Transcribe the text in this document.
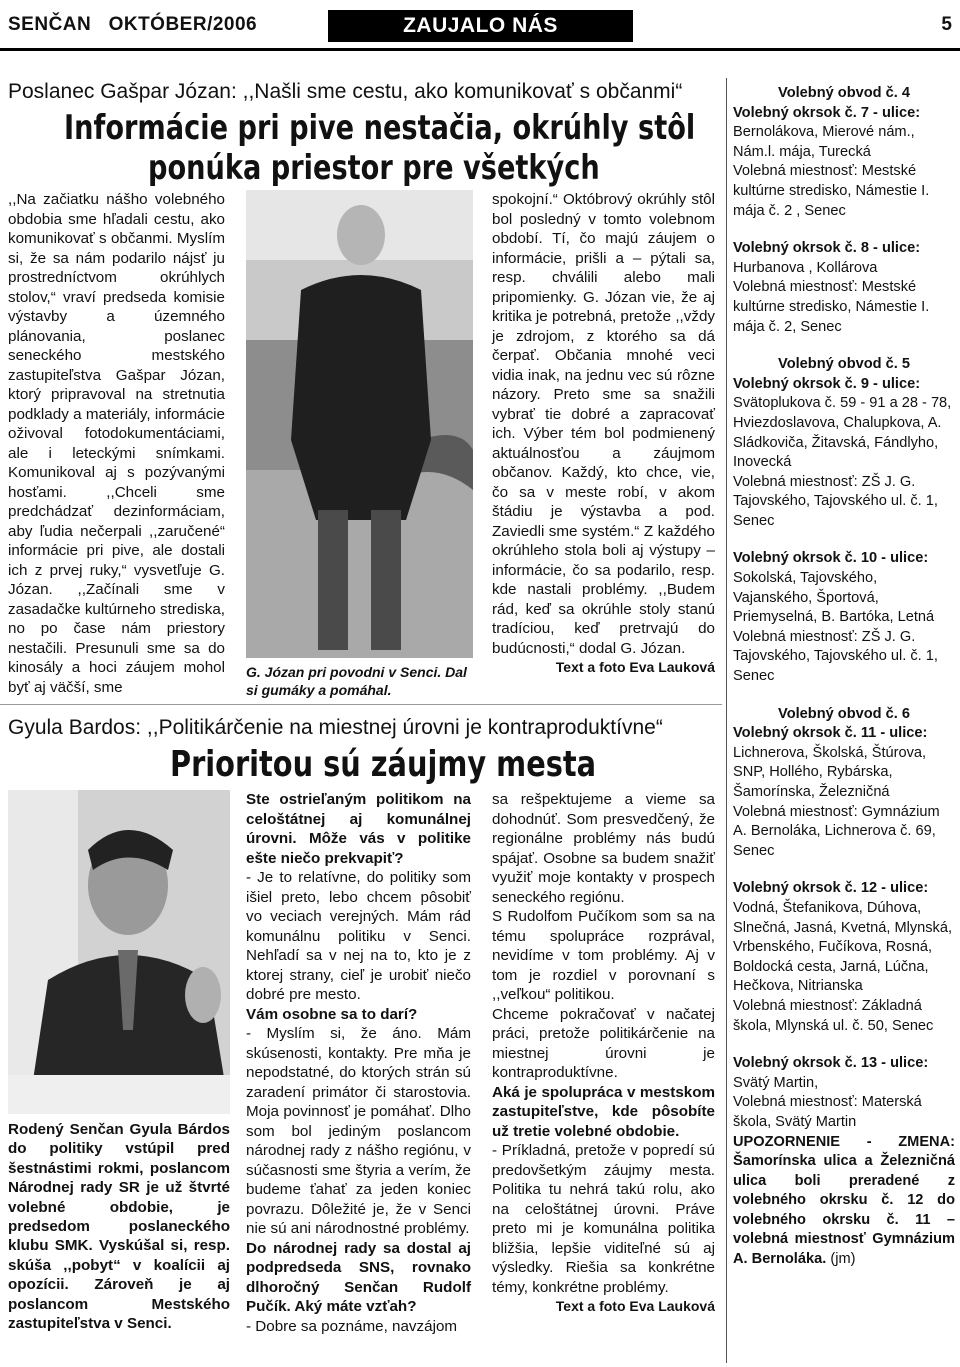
SENČAN   OKTÓBER/2006	ZAUJALO NÁS	5
Poslanec Gašpar Józan: ,,Našli sme cestu, ako komunikovať s občanmi“
Informácie pri pive nestačia, okrúhly stôl
ponúka priestor pre všetkých

,,Na začiatku nášho volebného obdobia sme hľadali cestu, ako komunikovať s občanmi. Myslím si, že sa nám podarilo nájsť ju prostredníctvom okrúhlych stolov,“ vraví predseda komisie výstavby a územného plánovania, poslanec seneckého mestského zastupiteľstva Gašpar Józan, ktorý pripravoval na stretnutia podklady a materiály, informácie oživoval fotodokumentáciami, ale i leteckými snímkami. Komunikoval aj s pozývanými hosťami. ,,Chceli sme predchádzať dezinformáciam, aby ľudia nečerpali ,,zaručené“ informácie pri pive, ale dostali ich z prvej ruky,“ vysvetľuje G. Józan. ,,Začínali sme v zasadačke kultúrneho strediska, no po čase nám priestory nestačili. Presunuli sme sa do kinosály a hoci záujem mohol byť aj väčší, sme

G. Józan pri povodni v Senci. Dal si gumáky a pomáhal.

spokojní.“ Októbrový okrúhly stôl bol posledný v tomto volebnom období. Tí, čo majú záujem o informácie, prišli a – pýtali sa, resp. chválili alebo mali pripomienky. G. Józan vie, že aj kritika je potrebná, pretože ,,vždy je zdrojom, z ktorého sa dá čerpať. Občania mnohé veci vidia inak, na jednu vec sú rôzne názory. Preto sme sa snažili vybrať tie dobré a zapracovať ich. Výber tém bol podmienený aktuálnosťou a záujmom občanov. Každý, kto chce, vie, čo sa v meste robí, v akom štádiu je výstavba a pod. Zaviedli sme systém.“ Z každého okrúhleho stola boli aj výstupy – informácie, čo sa podarilo, resp. kde nastali problémy. ,,Budem rád, keď sa okrúhle stoly stanú tradíciou, keď pretrvajú do budúcnosti,“ dodal G. Józan.

Text a foto Eva Lauková
Gyula Bardos: ,,Politikárčenie na miestnej úrovni je kontraproduktívne“
Prioritou sú záujmy mesta

Rodený Senčan Gyula Bárdos do politiky vstúpil pred šestnástimi rokmi, poslancom Národnej rady SR je už štvrté volebné obdobie, je predsedom poslaneckého klubu SMK. Vyskúšal si, resp. skúša ,,pobyt“ v koalícii aj opozícii. Zároveň je aj poslancom Mestského zastupiteľstva v Senci.

Ste ostrieľaným politikom na celoštátnej aj komunálnej úrovni. Môže vás v politike ešte niečo prekvapiť?

- Je to relatívne, do politiky som išiel preto, lebo chcem pôsobiť vo veciach verejných. Mám rád komunálnu politiku v Senci. Nehľadí sa v nej na to, kto je z ktorej strany, cieľ je urobiť niečo dobré pre mesto.

Vám osobne sa to darí?

- Myslím si, že áno. Mám skúsenosti, kontakty. Pre mňa je nepodstatné, do ktorých strán sú zaradení primátor či starostovia. Moja povinnosť je pomáhať. Dlho som bol jediným poslancom národnej rady z nášho regiónu, v súčasnosti sme štyria a verím, že budeme ťahať za jeden koniec povrazu. Dôležité je, že v Senci nie sú ani národnostné problémy.

Do národnej rady sa dostal aj podpredseda SNS, rovnako dlhoročný Senčan Rudolf Pučík. Aký máte vzťah?

- Dobre sa poznáme, navzájom

sa rešpektujeme a vieme sa dohodnúť. Som presvedčený, že regionálne problémy nás budú spájať. Osobne sa budem snažiť využiť moje kontakty v prospech seneckého regiónu.

S Rudolfom Pučíkom som sa na tému spolupráce rozprával, nevidíme v tom problémy. Aj v tom je rozdiel v porovnaní s ,,veľkou“ politikou.

Chceme pokračovať v načatej práci, pretože politikárčenie na miestnej úrovni je kontraproduktívne.

Aká je spolupráca v mestskom zastupiteľstve, kde pôsobíte už tretie volebné obdobie.

- Príkladná, pretože v popredí sú predovšetkým záujmy mesta. Politika tu nehrá takú rolu, ako na celoštátnej úrovni. Práve preto mi je komunálna politika bližšia, lepšie viditeľné sú aj výsledky. Riešia sa konkrétne témy, konkrétne problémy.

Text a foto Eva Lauková
Volebný obvod č. 4
Volebný okrsok č. 7 - ulice:
Bernolákova, Mierové nám., Nám.l. mája, Turecká
Volebná miestnosť: Mestské kultúrne stredisko, Námestie I. mája č. 2 , Senec
Volebný okrsok č. 8 - ulice:
Hurbanova , Kollárova
Volebná miestnosť: Mestské kultúrne stredisko, Námestie I. mája č. 2, Senec
Volebný obvod č. 5
Volebný okrsok č. 9 - ulice:
Svätoplukova č. 59 - 91 a 28 - 78, Hviezdoslavova, Chalupkova, A. Sládkoviča, Žitavská, Fándlyho, Inovecká
Volebná miestnosť: ZŠ J. G. Tajovského, Tajovského ul. č. 1, Senec
Volebný okrsok č. 10 - ulice:
Sokolská, Tajovského, Vajanského, Športová, Priemyselná, B. Bartóka, Letná
Volebná miestnosť: ZŠ J. G. Tajovského, Tajovského ul. č. 1, Senec
Volebný obvod č. 6
Volebný okrsok č. 11 - ulice:
Lichnerova, Školská, Štúrova, SNP, Hollého, Rybárska, Šamorínska, Železničná
Volebná miestnosť: Gymnázium A. Bernoláka, Lichnerova č. 69, Senec
Volebný okrsok č. 12 - ulice:
Vodná, Štefanikova, Dúhova, Slnečná, Jasná, Kvetná, Mlynská, Vrbenského, Fučíkova, Rosná, Boldocká cesta, Jarná, Lúčna, Hečkova, Nitrianska
Volebná miestnosť: Základná škola, Mlynská ul. č. 50, Senec
Volebný okrsok č. 13 - ulice:
Svätý Martin,
Volebná miestnosť: Materská škola, Svätý Martin
UPOZORNENIE - ZMENA: Šamorínska ulica a Železničná ulica boli preradené z volebného okrsku č. 12 do volebného okrsku č. 11 – volebná miestnosť Gymnázium A. Bernoláka. (jm)
